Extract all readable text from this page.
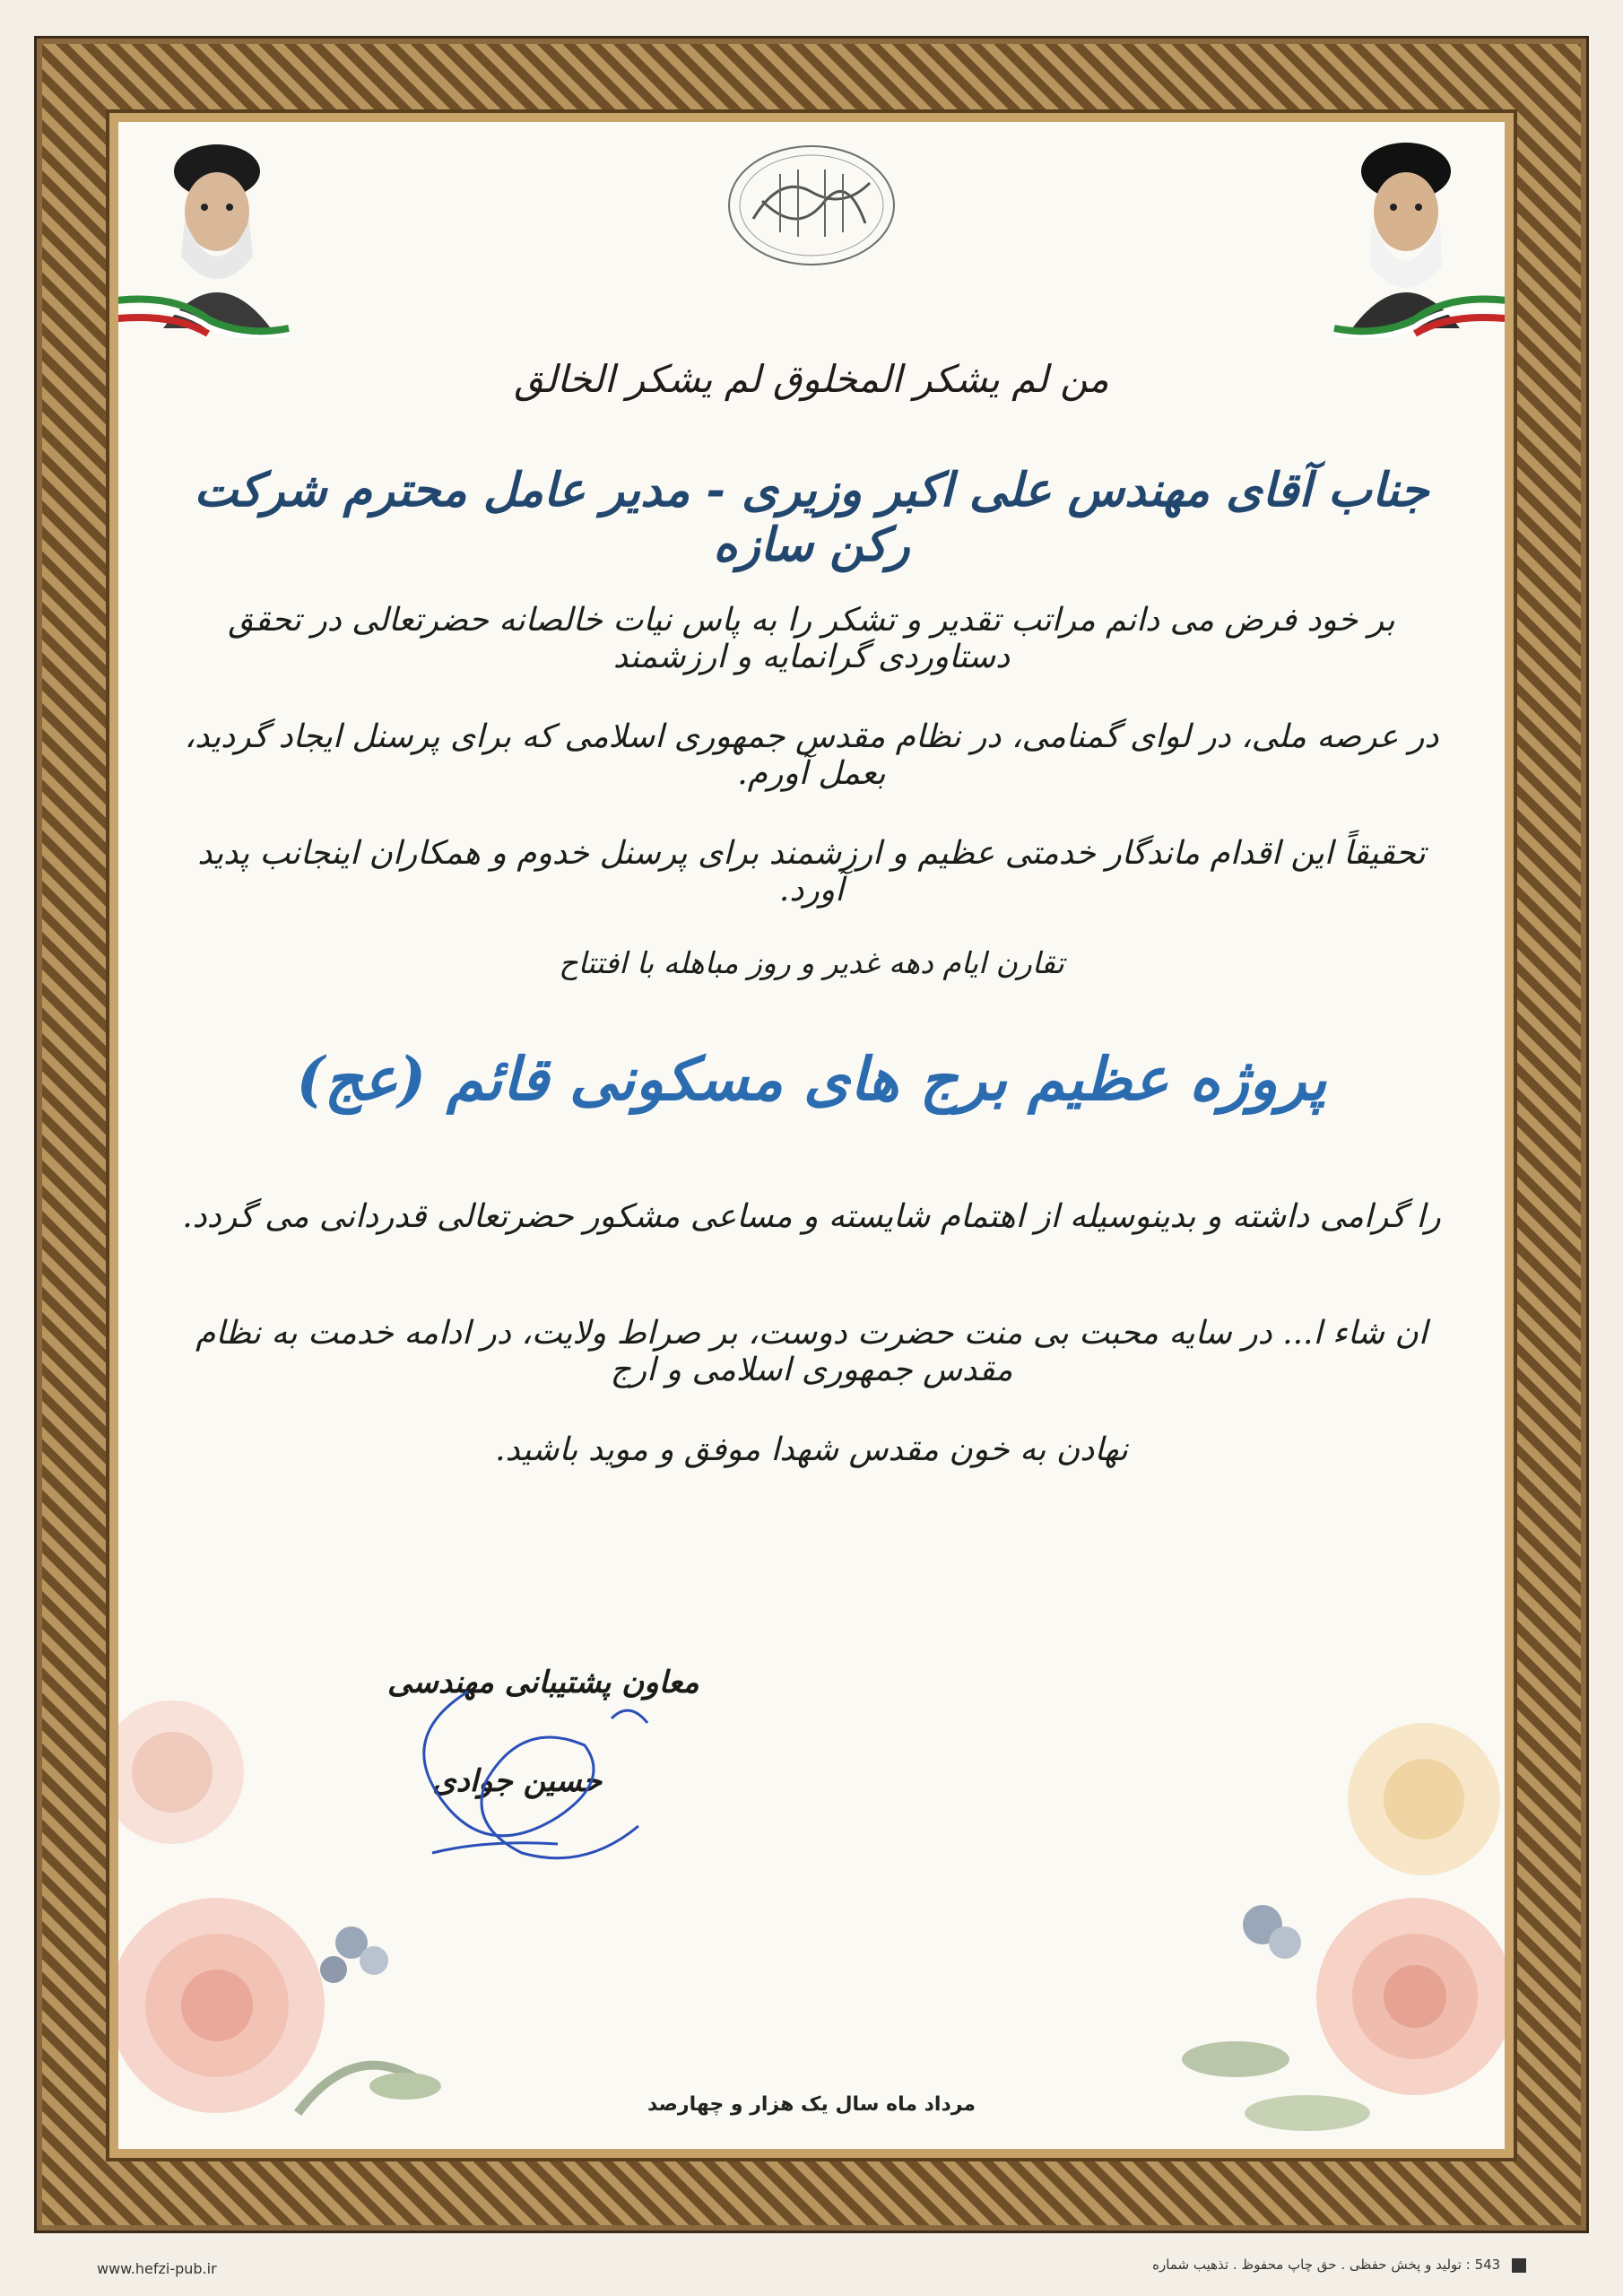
من لم یشکر المخلوق لم یشکر الخالق
جناب آقای مهندس علی اکبر وزیری - مدیر عامل محترم شرکت رکن سازه
بر خود فرض می دانم مراتب تقدیر و تشکر را به پاس نیات خالصانه حضرتعالی در تحقق دستاوردی گرانمایه و ارزشمند
در عرصه ملی، در لوای گمنامی، در نظام مقدس جمهوری اسلامی که برای پرسنل ایجاد گردید، بعمل آورم.
تحقیقاً این اقدام ماندگار خدمتی عظیم و ارزشمند برای پرسنل خدوم و همکاران اینجانب پدید آورد.
تقارن ایام دهه غدیر و روز مباهله با افتتاح
پروژه عظیم برج های مسکونی قائم (عج)
را گرامی داشته و بدینوسیله از اهتمام شایسته و مساعی مشکور حضرتعالی قدردانی می گردد.
ان شاء ا... در سایه محبت بی منت حضرت دوست، بر صراط ولایت، در ادامه خدمت به نظام مقدس جمهوری اسلامی و ارج
نهادن به خون مقدس شهدا موفق و موید باشید.
معاون پشتیبانی مهندسی
حسین جوادی
مرداد ماه سال یک هزار و چهارصد
www.hefzi-pub.ir	543 : تولید و پخش حفظی . حق چاپ محفوظ . تذهیب شماره
